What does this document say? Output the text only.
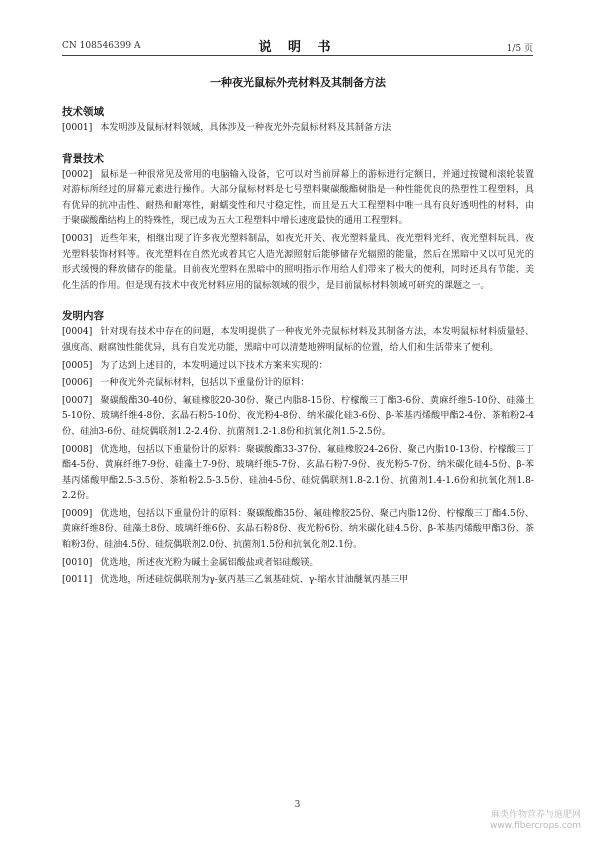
CN 108546399 A	说 明 书	1/5 页
一种夜光鼠标外壳材料及其制备方法
技术领域
[0001] 本发明涉及鼠标材料领域，具体涉及一种夜光外壳鼠标材料及其制备方法
背景技术
[0002] 鼠标是一种很常见及常用的电脑输入设备，它可以对当前屏幕上的游标进行定额日，并通过按键和滚轮装置对游标所经过的屏幕元素进行操作。大部分鼠标材料是七号塑料聚碳酸酯树脂是一种性能优良的热塑性工程塑料，具有优异的抗冲击性、耐热和耐寒性，耐蠕变性和尺寸稳定性，而且是五大工程塑料中唯一具有良好透明性的材料，由于聚碳酸酯结构上的特殊性，现已成为五大工程塑料中增长速度最快的通用工程塑料。
[0003] 近些年来，相继出现了许多夜光塑料制品，如夜光开关、夜光塑料量具、夜光塑料光纤、夜光塑料玩具、夜光塑料装饰材料等。夜光塑料在自然光或着其它人造光源照射后能够储存光辐照的能量，然后在黑暗中又以可见光的形式缓慢的释放储存的能量。目前夜光塑料在黑暗中的照明指示作用给人们带来了极大的便利，同时还具有节能、美化生活的作用。但是现有技术中夜光材料应用的鼠标领域的很少，是目前鼠标材料领域可研究的课题之一。
发明内容
[0004] 针对现有技术中存在的问题，本发明提供了一种夜光外壳鼠标材料及其制备方法，本发明鼠标材料质量轻、强度高、耐腐蚀性能优异，具有自发光功能，黑暗中可以清楚地辨明鼠标的位置，给人们和生活带来了便利。
[0005] 为了达到上述目的，本发明通过以下技术方案来实现的：
[0006] 一种夜光外壳鼠标材料，包括以下重量份计的原料：
[0007] 聚碳酸酯30-40份、氟硅橡胶20-30份、聚己内脂8-15份、柠檬酸三丁酯3-6份、黄麻纤维5-10份、硅藻土5-10份、玻璃纤维4-8份、玄晶石粉5-10份、夜光粉4-8份、纳米碳化硅3-6份、β-苯基丙烯酸甲酯2-4份、茶粕粉2-4份、硅油3-6份、硅烷偶联剂1.2-2.4份、抗菌剂1.2-1.8份和抗氧化剂1.5-2.5份。
[0008] 优选地，包括以下重量份计的原料：聚碳酸酯33-37份、氟硅橡胶24-26份、聚己内脂10-13份、柠檬酸三丁酯4-5份、黄麻纤维7-9份、硅藻土7-9份、玻璃纤维5-7份、玄晶石粉7-9份、夜光粉5-7份、纳米碳化硅4-5份、β-苯基丙烯酸甲酯2.5-3.5份、茶粕粉2.5-3.5份、硅油4-5份、硅烷偶联剂1.8-2.1份、抗菌剂1.4-1.6份和抗氧化剂1.8-2.2份。
[0009] 优选地，包括以下重量份计的原料：聚碳酸酯35份、氟硅橡胶25份、聚己内脂12份、柠檬酸三丁酯4.5份、黄麻纤维8份、硅藻土8份、玻璃纤维6份、玄晶石粉8份、夜光粉6份、纳米碳化硅4.5份、β-苯基丙烯酸甲酯3份、茶粕粉3份、硅油4.5份、硅烷偶联剂2.0份、抗菌剂1.5份和抗氧化剂2.1份。
[0010] 优选地，所述夜光粉为碱土金属铝酸盐或者铝硅酸镁。
[0011] 优选地，所述硅烷偶联剂为γ-氨丙基三乙氧基硅烷、γ-缩水甘油醚氧丙基三甲
3
麻类作物营养与施肥网
www.fibercrops.com
